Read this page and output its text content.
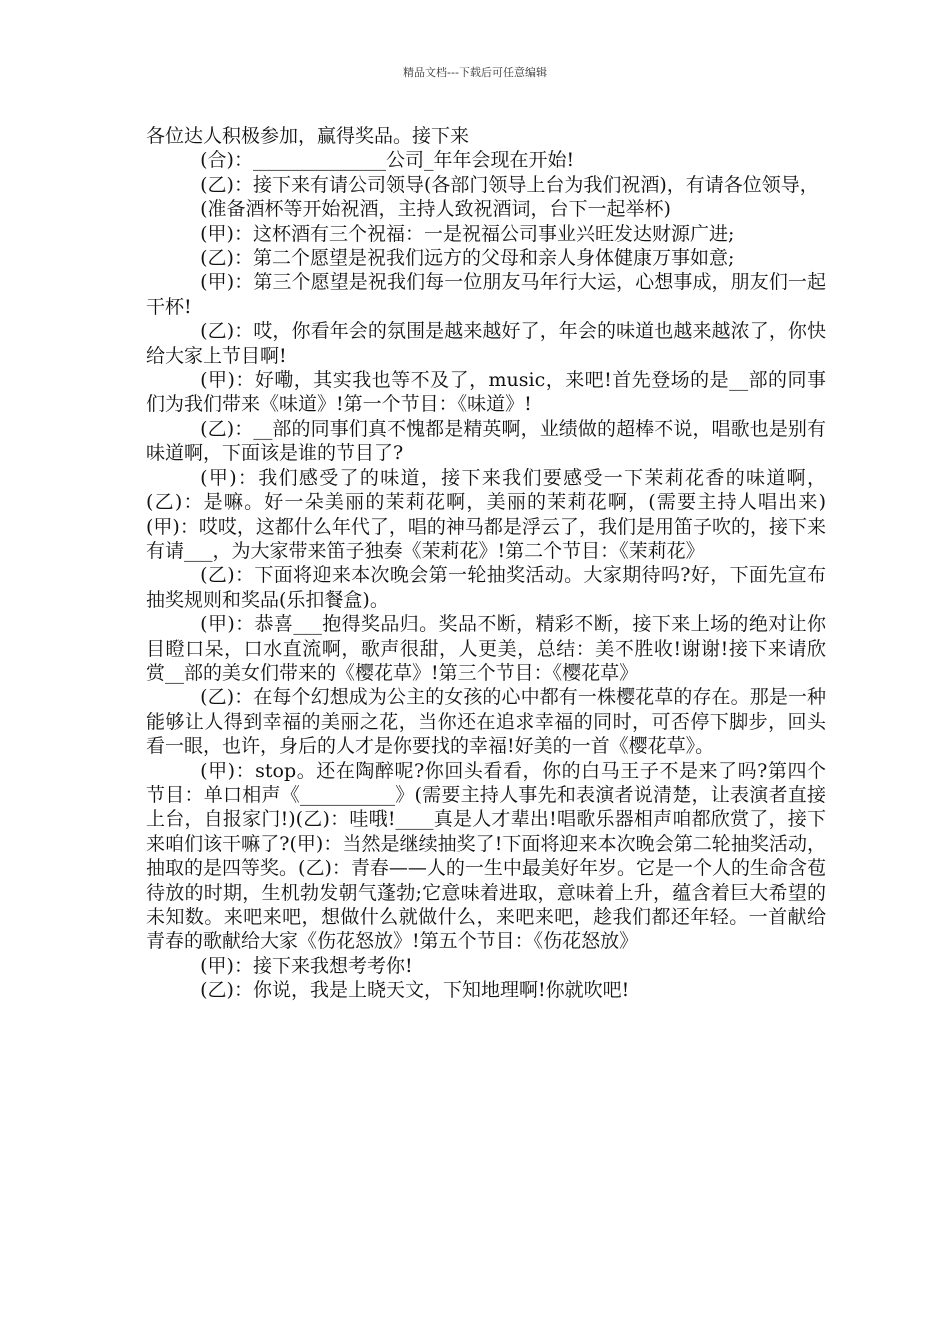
精品文档---下载后可任意编辑

各位达人积极参加，赢得奖品。接下来

(合)：______________公司_年年会现在开始!

(乙)：接下来有请公司领导(各部门领导上台为我们祝酒)，有请各位领导，

(准备酒杯等开始祝酒，主持人致祝酒词，台下一起举杯)

(甲)：这杯酒有三个祝福：一是祝福公司事业兴旺发达财源广进;

(乙)：第二个愿望是祝我们远方的父母和亲人身体健康万事如意;

(甲)：第三个愿望是祝我们每一位朋友马年行大运，心想事成，朋友们一起干杯!

(乙)：哎，你看年会的氛围是越来越好了，年会的味道也越来越浓了，你快给大家上节目啊!

(甲)：好嘞，其实我也等不及了，music，来吧!首先登场的是__部的同事们为我们带来《味道》!第一个节目：《味道》!

(乙)：__部的同事们真不愧都是精英啊，业绩做的超棒不说，唱歌也是别有味道啊，下面该是谁的节目了?

(甲)：我们感受了的味道，接下来我们要感受一下茉莉花香的味道啊，(乙)：是嘛。好一朵美丽的茉莉花啊，美丽的茉莉花啊，(需要主持人唱出来)(甲)：哎哎，这都什么年代了，唱的神马都是浮云了，我们是用笛子吹的，接下来有请___，为大家带来笛子独奏《茉莉花》!第二个节目：《茉莉花》

(乙)：下面将迎来本次晚会第一轮抽奖活动。大家期待吗?好，下面先宣布抽奖规则和奖品(乐扣餐盒)。

(甲)：恭喜___抱得奖品归。奖品不断，精彩不断，接下来上场的绝对让你目瞪口呆，口水直流啊，歌声很甜，人更美，总结：美不胜收!谢谢!接下来请欣赏__部的美女们带来的《樱花草》!第三个节目：《樱花草》

(乙)：在每个幻想成为公主的女孩的心中都有一株樱花草的存在。那是一种能够让人得到幸福的美丽之花，当你还在追求幸福的同时，可否停下脚步，回头看一眼，也许，身后的人才是你要找的幸福!好美的一首《樱花草》。

(甲)：stop。还在陶醉呢?你回头看看，你的白马王子不是来了吗?第四个节目：单口相声《__________》(需要主持人事先和表演者说清楚，让表演者直接上台，自报家门!)(乙)：哇哦!____真是人才辈出!唱歌乐器相声咱都欣赏了，接下来咱们该干嘛了?(甲)：当然是继续抽奖了!下面将迎来本次晚会第二轮抽奖活动，抽取的是四等奖。(乙)：青春——人的一生中最美好年岁。它是一个人的生命含苞待放的时期，生机勃发朝气蓬勃;它意味着进取，意味着上升，蕴含着巨大希望的未知数。来吧来吧，想做什么就做什么，来吧来吧，趁我们都还年轻。一首献给青春的歌献给大家《伤花怒放》!第五个节目：《伤花怒放》

(甲)：接下来我想考考你!

(乙)：你说，我是上晓天文，下知地理啊!你就吹吧!
